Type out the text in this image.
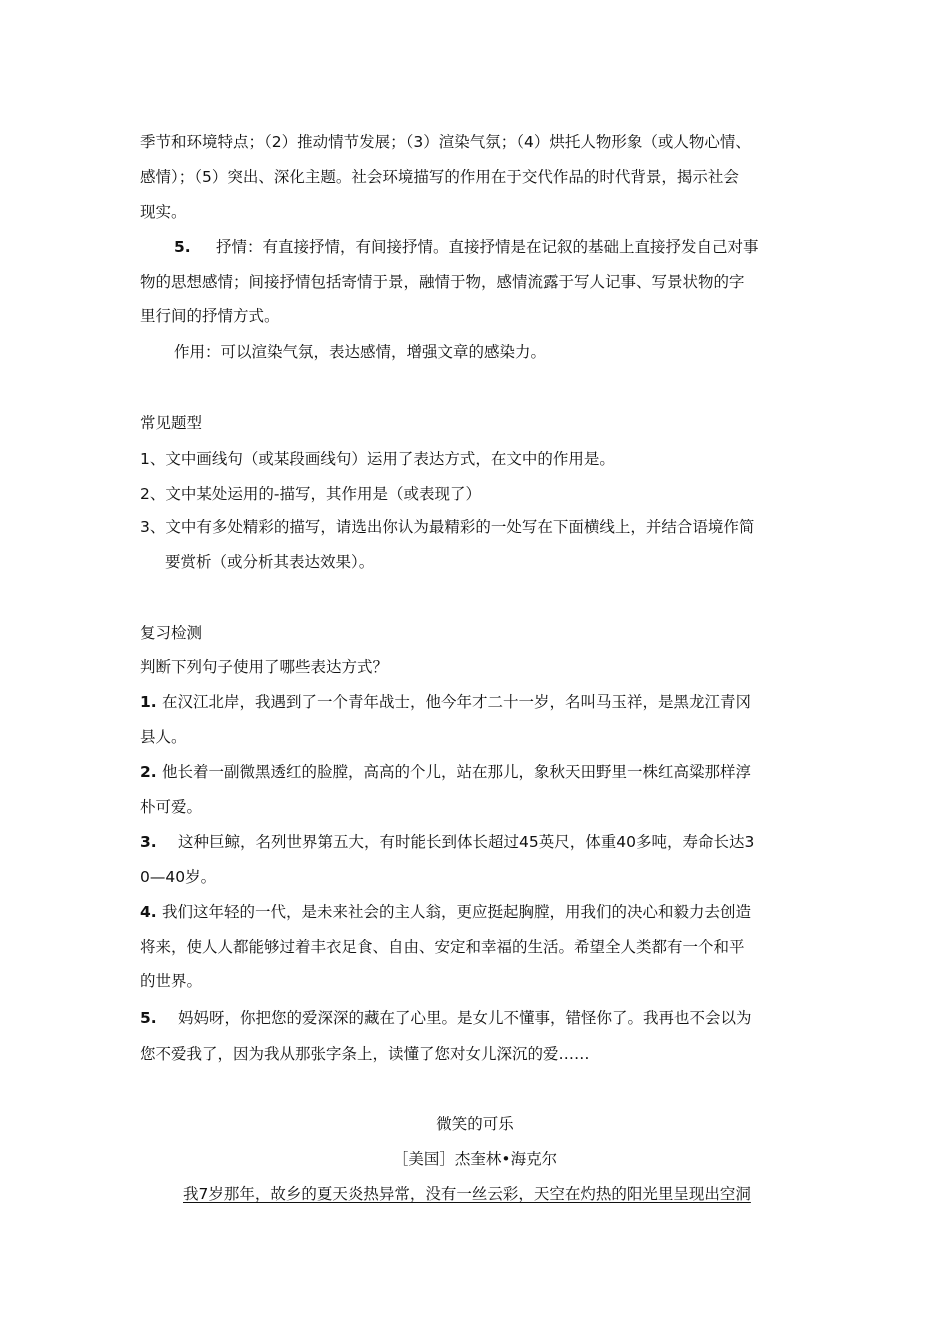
季节和环境特点；（2）推动情节发展；（3）渲染气氛；（4）烘托人物形象（或人物心情、
感情）；（5）突出、深化主题。社会环境描写的作用在于交代作品的时代背景，揭示社会
现实。
5. 抒情：有直接抒情，有间接抒情。直接抒情是在记叙的基础上直接抒发自己对事
物的思想感情；间接抒情包括寄情于景，融情于物，感情流露于写人记事、写景状物的字
里行间的抒情方式。
作用：可以渲染气氛，表达感情，增强文章的感染力。
常见题型
1、文中画线句（或某段画线句）运用了表达方式，在文中的作用是。
2、文中某处运用的-描写，其作用是（或表现了）
3、文中有多处精彩的描写，请选出你认为最精彩的一处写在下面横线上，并结合语境作简
要赏析（或分析其表达效果）。
复习检测
判断下列句子使用了哪些表达方式？
1. 在汉江北岸，我遇到了一个青年战士，他今年才二十一岁，名叫马玉祥，是黑龙江青冈
县人。
2. 他长着一副微黑透红的脸膛，高高的个儿，站在那儿，象秋天田野里一株红高粱那样淳
朴可爱。
3. 这种巨鲸，名列世界第五大，有时能长到体长超过45英尺，体重40多吨，寿命长达3
0—40岁。
4. 我们这年轻的一代，是未来社会的主人翁，更应挺起胸膛，用我们的决心和毅力去创造
将来，使人人都能够过着丰衣足食、自由、安定和幸福的生活。希望全人类都有一个和平
的世界。
5. 妈妈呀，你把您的爱深深的藏在了心里。是女儿不懂事，错怪你了。我再也不会以为
您不爱我了，因为我从那张字条上，读懂了您对女儿深沉的爱……
微笑的可乐
［美国］杰奎林•海克尔
我7岁那年，故乡的夏天炎热异常，没有一丝云彩，天空在灼热的阳光里呈现出空洞
